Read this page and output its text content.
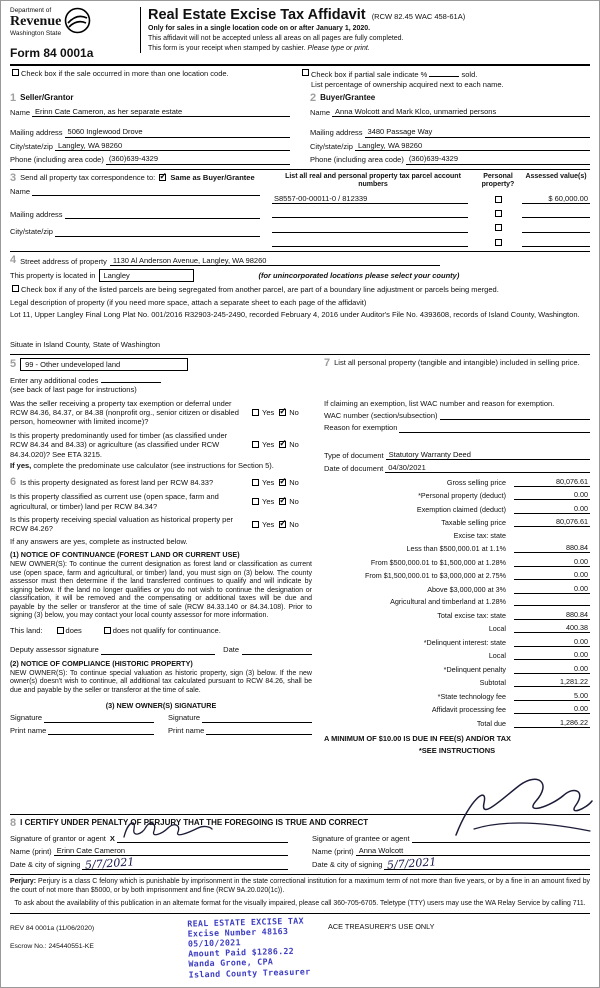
Department of
Revenue
Washington State
Form 84 0001a
Real Estate Excise Tax Affidavit (RCW 82.45 WAC 458-61A)
Only for sales in a single location code on or after January 1, 2020.
This affidavit will not be accepted unless all areas on all pages are fully completed.
This form is your receipt when stamped by cashier. Please type or print.
Check box if the sale occurred in more than one location code.	Check box if partial sale indicate %	sold.
List percentage of ownership acquired next to each name.
1 Seller/Grantor
Name Erinn Cate Cameron, as her separate estate
Mailing address 5060 Inglewood Drove
City/state/zip Langley, WA 98260
Phone (including area code) (360)639-4329
2 Buyer/Grantee
Name Anna Wolcott and Mark Klco, unmarried persons
Mailing address 3480 Passage Way
City/state/zip Langley, WA 98260
Phone (including area code) (360)639-4329
3 Send all property tax correspondence to: ✓ Same as Buyer/Grantee
Name
Mailing address
City/state/zip
List all real and personal property tax parcel account numbers
Personal property?
Assessed value(s)
S8557-00-00011-0 / 812339	$ 60,000.00
4 Street address of property 1130 Al Anderson Avenue, Langley, WA 98260
This property is located in	Langley	(for unincorporated locations please select your county)
Check box if any of the listed parcels are being segregated from another parcel, are part of a boundary line adjustment or parcels being merged.
Legal description of property (if you need more space, attach a separate sheet to each page of the affidavit)
Lot 11, Upper Langley Final Long Plat No. 001/2016 R32903-245-2490, recorded February 4, 2016 under Auditor's File No. 4393608, records of Island County, Washington.
Situate in Island County, State of Washington
5	99 - Other undeveloped land
Enter any additional codes
(see back of last page for instructions)
Was the seller receiving a property tax exemption or deferral under RCW 84.36, 84.37, or 84.38 (nonprofit org., senior citizen or disabled person, homeowner with limited income)?
Yes ✓ No
Is this property predominantly used for timber (as classified under RCW 84.34 and 84.33) or agriculture (as classified under RCW 84.34.020)? See ETA 3215.
Yes ✓ No
If yes, complete the predominate use calculator (see instructions for Section 5).
6 Is this property designated as forest land per RCW 84.33?	Yes ✓ No
Is this property classified as current use (open space, farm and agricultural, or timber) land per RCW 84.34?
Yes ✓ No
Is this property receiving special valuation as historical property per RCW 84.26?
Yes ✓ No
If any answers are yes, complete as instructed below.
(1) NOTICE OF CONTINUANCE (FOREST LAND OR CURRENT USE)
NEW OWNER(S): To continue the current designation as forest land or classification as current use (open space, farm and agricultural, or timber) land, you must sign on (3) below. The county assessor must then determine if the land transferred continues to qualify and will indicate by signing below. If the land no longer qualifies or you do not wish to continue the designation or classification, it will be removed and the compensating or additional taxes will be due and payable by the seller or transferor at the time of sale (RCW 84.33.140 or 84.34.108). Prior to signing (3) below, you may contact your local county assessor for more information.
This land:	does	does not qualify for continuance.
Deputy assessor signature	Date
(2) NOTICE OF COMPLIANCE (HISTORIC PROPERTY)
NEW OWNER(S): To continue special valuation as historic property, sign (3) below. If the new owner(s) doesn't wish to continue, all additional tax calculated pursuant to RCW 84.26, shall be due and payable by the seller or transferor at the time of sale.
(3) NEW OWNER(S) SIGNATURE
Signature	Signature
Print name	Print name
7 List all personal property (tangible and intangible) included in selling price.
If claiming an exemption, list WAC number and reason for exemption.
WAC number (section/subsection)
Reason for exemption
Type of document Statutory Warranty Deed
Date of document 04/30/2021
Gross selling price	80,076.61
*Personal property (deduct)	0.00
Exemption claimed (deduct)	0.00
Taxable selling price	80,076.61
Excise tax: state
Less than $500,000.01 at 1.1%	880.84
From $500,000.01 to $1,500,000 at 1.28%	0.00
From $1,500,000.01 to $3,000,000 at 2.75%	0.00
Above $3,000,000 at 3%	0.00
Agricultural and timberland at 1.28%
Total excise tax: state	880.84
Local	400.38
*Delinquent interest: state	0.00
Local	0.00
*Delinquent penalty	0.00
Subtotal	1,281.22
*State technology fee	5.00
Affidavit processing fee	0.00
Total due	1,286.22
A MINIMUM OF $10.00 IS DUE IN FEE(S) AND/OR TAX
*SEE INSTRUCTIONS
8 I CERTIFY UNDER PENALTY OF PERJURY THAT THE FOREGOING IS TRUE AND CORRECT
Signature of grantor or agent X
Name (print) Erinn Cate Cameron
Date & city of signing 5/7/2021
Signature of grantee or agent
Name (print) Anna Wolcott
Date & city of signing 5/7/2021
Perjury: Perjury is a class C felony which is punishable by imprisonment in the state correctional institution for a maximum term of not more than five years, or by a fine in an amount fixed by the court of not more than $5000, or by both imprisonment and fine (RCW 9A.20.020(1c)).
To ask about the availability of this publication in an alternate format for the visually impaired, please call 360-705-6705. Teletype (TTY) users may use the WA Relay Service by calling 711.
REV 84 0001a (11/06/2020)
Escrow No.: 245440551-KE
REAL ESTATE EXCISE TAX
Excise Number 48163
05/10/2021
Amount Paid $1286.22
Wanda Grone, CPA
Island County Treasurer
ACE TREASURER'S USE ONLY
